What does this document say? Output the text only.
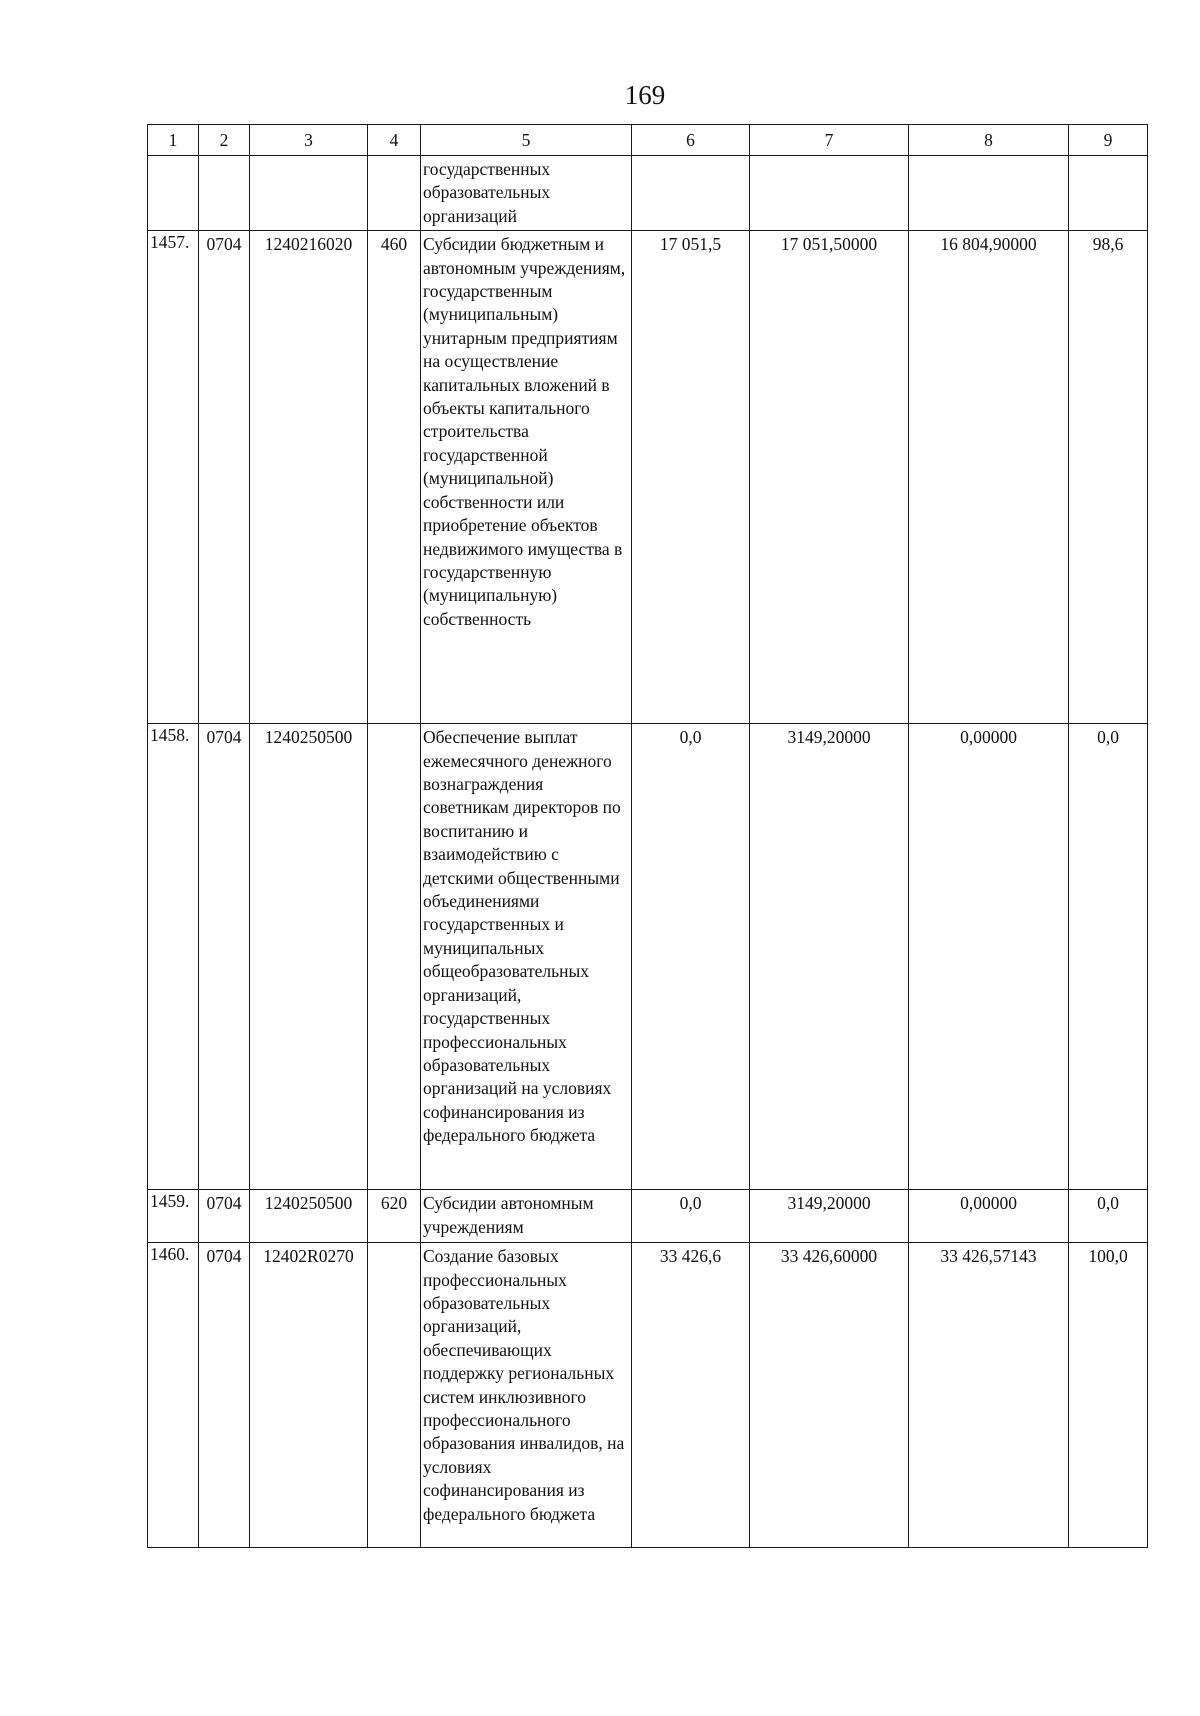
169
1	2	3	4	5	6	7	8	9
				государственных образовательных организаций				
1457.	0704	1240216020	460	Субсидии бюджетным и автономным учреждениям, государственным (муниципальным) унитарным предприятиям на осуществление капитальных вложений в объекты капитального строительства государственной (муниципальной) собственности или приобретение объектов недвижимого имущества в государственную (муниципальную) собственность	17 051,5	17 051,50000	16 804,90000	98,6
1458.	0704	1240250500		Обеспечение выплат ежемесячного денежного вознаграждения советникам директоров по воспитанию и взаимодействию с детскими общественными объединениями государственных и муниципальных общеобразовательных организаций, государственных профессиональных образовательных организаций на условиях софинансирования из федерального бюджета	0,0	3149,20000	0,00000	0,0
1459.	0704	1240250500	620	Субсидии автономным учреждениям	0,0	3149,20000	0,00000	0,0
1460.	0704	12402R0270		Создание базовых профессиональных образовательных организаций, обеспечивающих поддержку региональных систем инклюзивного профессионального образования инвалидов, на условиях софинансирования из федерального бюджета	33 426,6	33 426,60000	33 426,57143	100,0
